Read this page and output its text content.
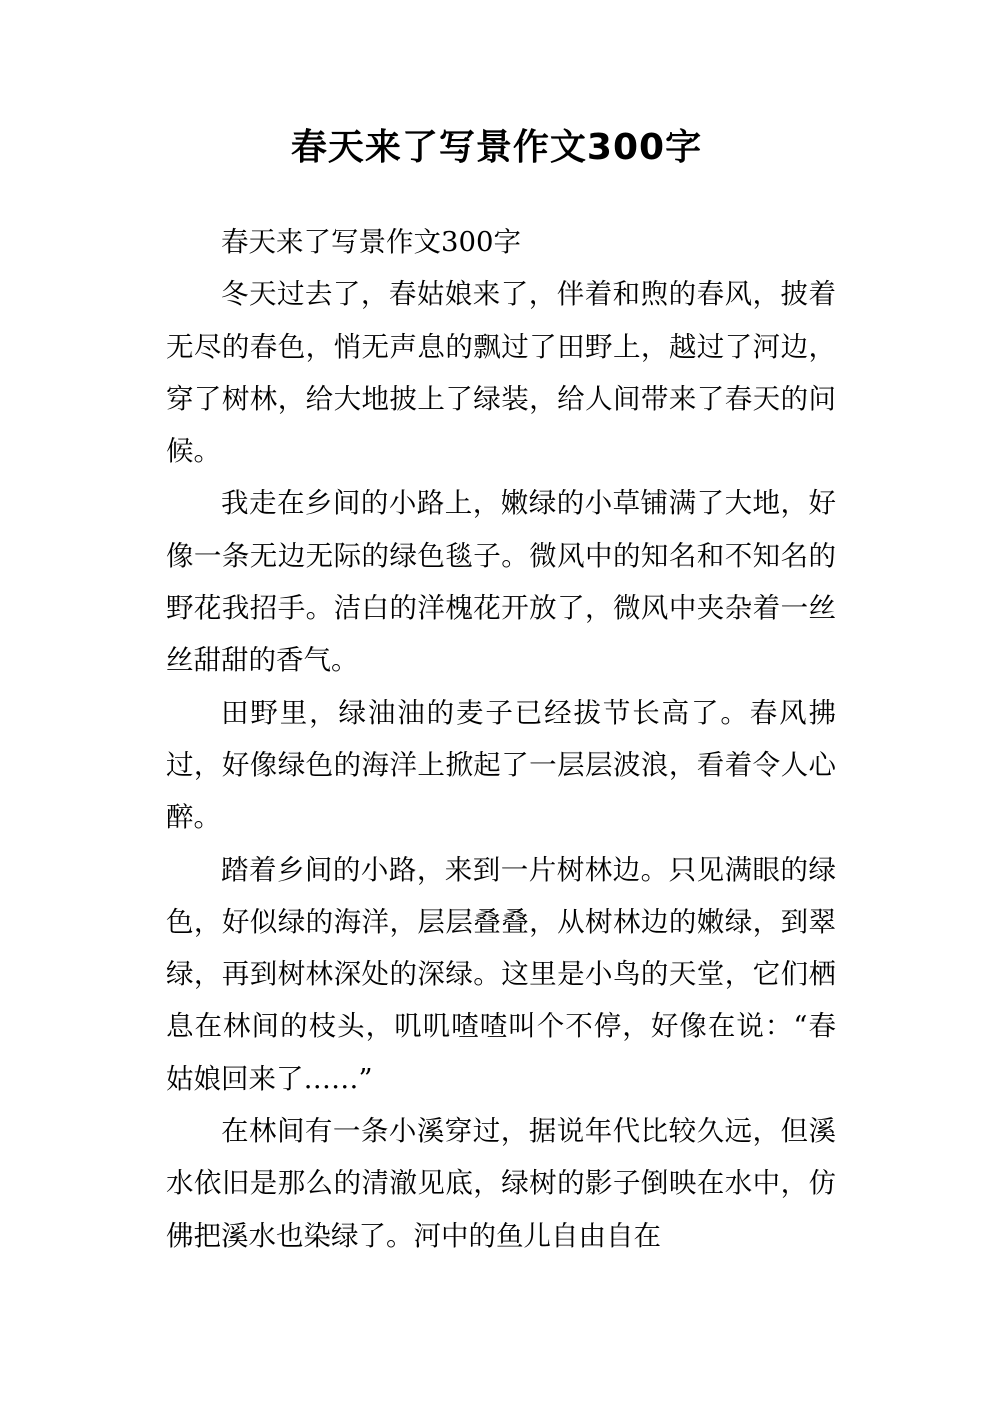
春天来了写景作文300字

春天来了写景作文300字

冬天过去了，春姑娘来了，伴着和煦的春风，披着无尽的春色，悄无声息的飘过了田野上，越过了河边，穿了树林，给大地披上了绿装，给人间带来了春天的问候。

我走在乡间的小路上，嫩绿的小草铺满了大地，好像一条无边无际的绿色毯子。微风中的知名和不知名的野花我招手。洁白的洋槐花开放了，微风中夹杂着一丝丝甜甜的香气。

田野里，绿油油的麦子已经拔节长高了。春风拂过，好像绿色的海洋上掀起了一层层波浪，看着令人心醉。

踏着乡间的小路，来到一片树林边。只见满眼的绿色，好似绿的海洋，层层叠叠，从树林边的嫩绿，到翠绿，再到树林深处的深绿。这里是小鸟的天堂，它们栖息在林间的枝头，叽叽喳喳叫个不停，好像在说：“春姑娘回来了……”

在林间有一条小溪穿过，据说年代比较久远，但溪水依旧是那么的清澈见底，绿树的影子倒映在水中，仿佛把溪水也染绿了。河中的鱼儿自由自在
